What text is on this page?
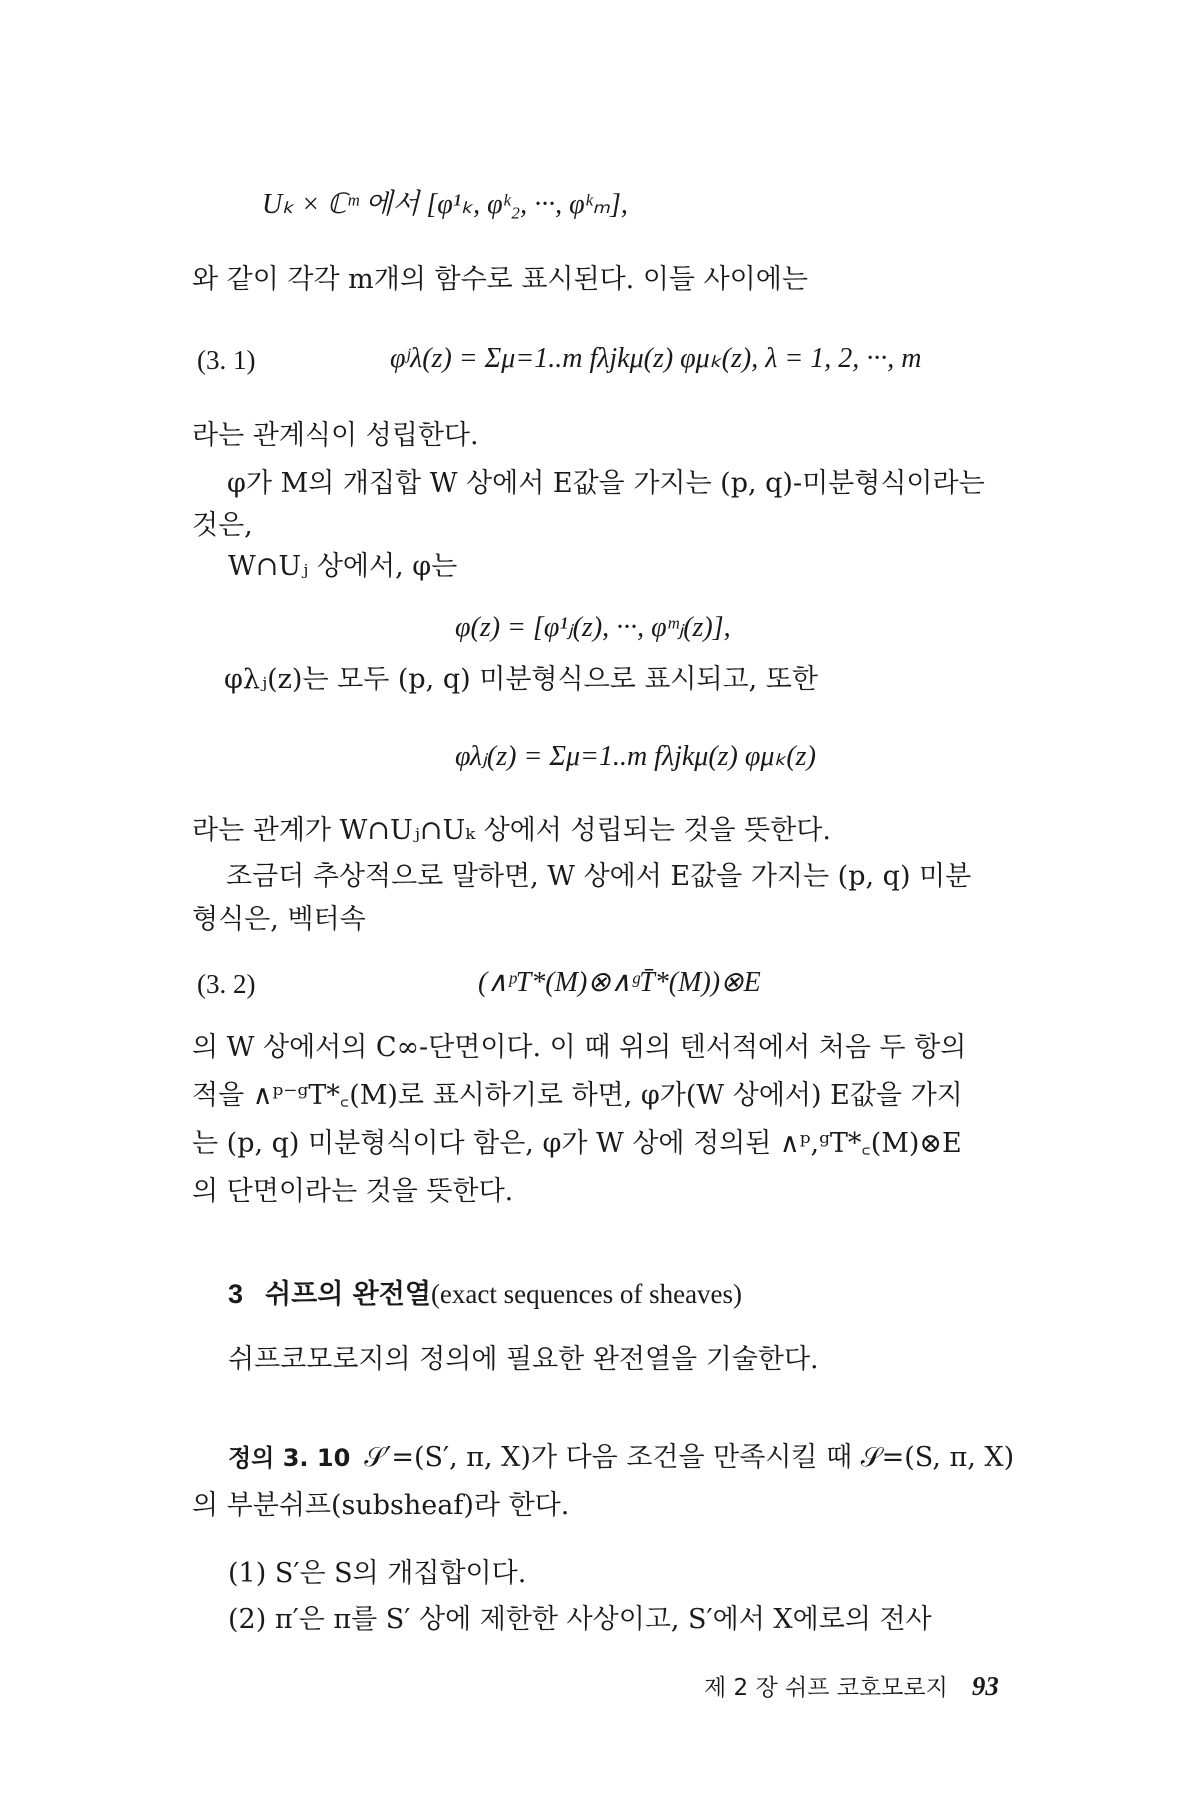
Uₖ × ℂᵐ 에서 [φ¹ₖ, φᵏ₂, ···, φᵏₘ],
와 같이 각각 m개의 함수로 표시된다. 이들 사이에는
(3. 1)	φʲλ(z) = Σμ=1..m fλjkμ(z) φμₖ(z), λ = 1, 2, ···, m
라는 관계식이 성립한다.
φ가 M의 개집합 W 상에서 E값을 가지는 (p, q)-미분형식이라는
것은,
W∩Uⱼ 상에서, φ는
φ(z) = [φ¹ⱼ(z), ···, φᵐⱼ(z)],
φλⱼ(z)는 모두 (p, q) 미분형식으로 표시되고, 또한
φλⱼ(z) = Σμ=1..m fλjkμ(z) φμₖ(z)
라는 관계가 W∩Uⱼ∩Uₖ 상에서 성립되는 것을 뜻한다.
조금더 추상적으로 말하면, W 상에서 E값을 가지는 (p, q) 미분
형식은, 벡터속
(3. 2)	(∧ᵖT*(M)⊗∧ᵍT̄*(M))⊗E
의 W 상에서의 C∞-단면이다. 이 때 위의 텐서적에서 처음 두 항의
적을 ∧ᵖ⁻ᵍT*꜀(M)로 표시하기로 하면, φ가(W 상에서) E값을 가지
는 (p, q) 미분형식이다 함은, φ가 W 상에 정의된 ∧ᵖ,ᵍT*꜀(M)⊗E
의 단면이라는 것을 뜻한다.
3 쉬프의 완전열(exact sequences of sheaves)
쉬프코모로지의 정의에 필요한 완전열을 기술한다.
정의 3. 10 𝒮′=(S′, π, X)가 다음 조건을 만족시킬 때 𝒮=(S, π, X)
의 부분쉬프(subsheaf)라 한다.
(1) S′은 S의 개집합이다.
(2) π′은 π를 S′ 상에 제한한 사상이고, S′에서 X에로의 전사
제 2 장 쉬프 코호모로지 93
